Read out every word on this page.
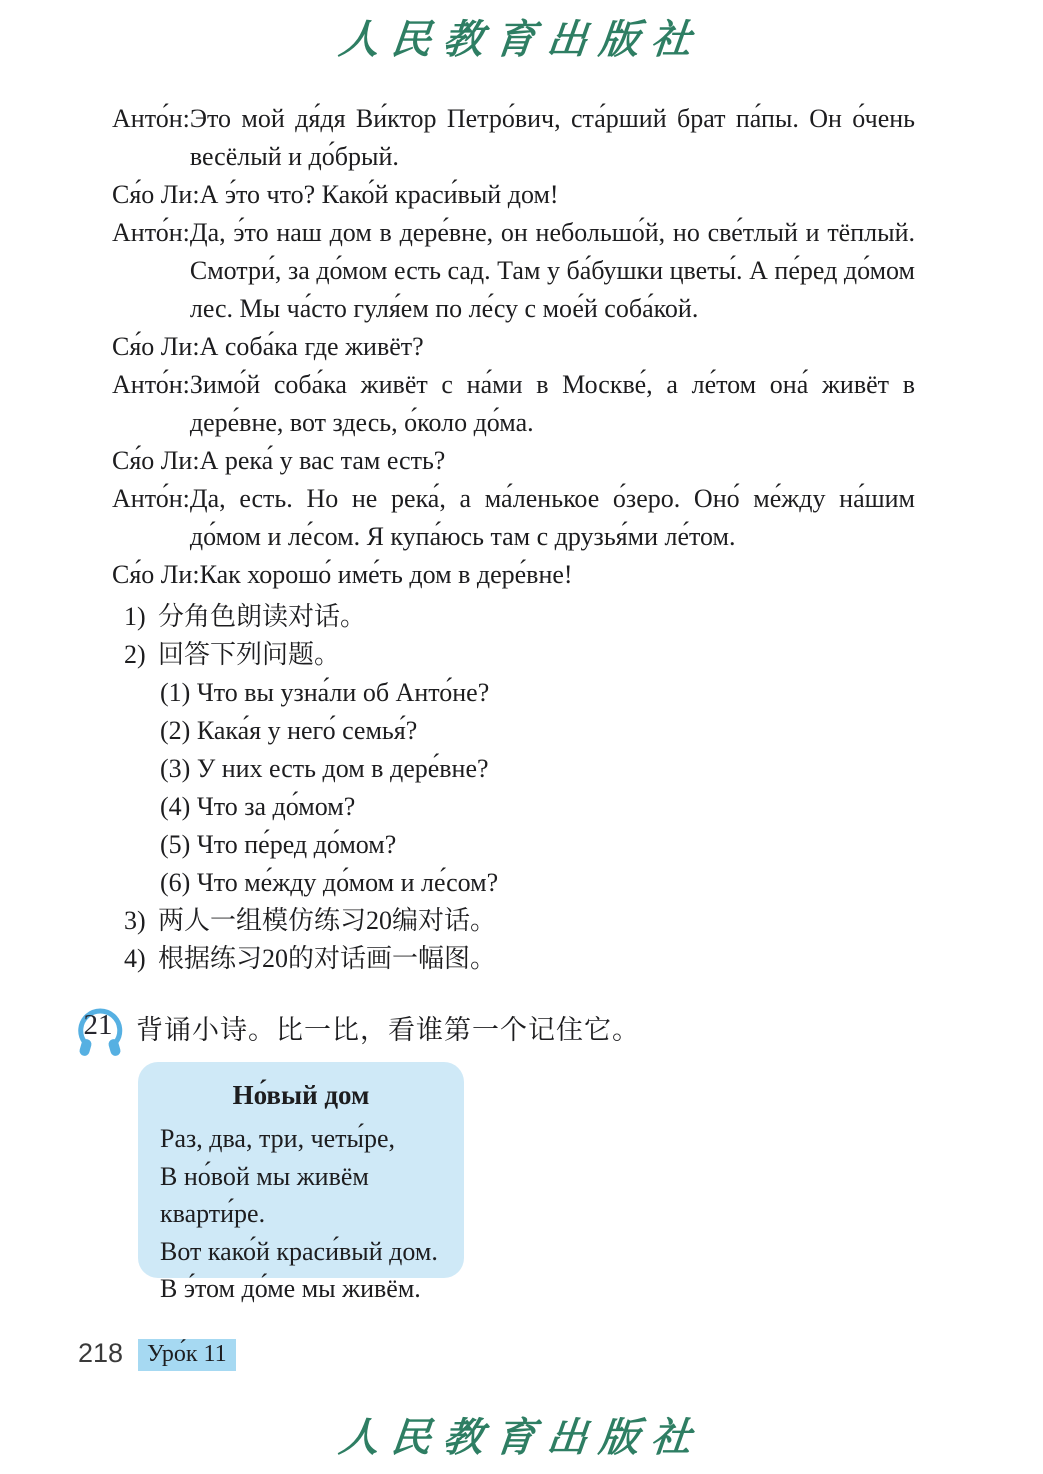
人民教育出版社
Анто́н: Это мой дя́дя Ви́ктор Петро́вич, ста́рший брат па́пы. Он о́чень весёлый и до́брый.
Ся́о Ли: А э́то что? Како́й краси́вый дом!
Анто́н: Да, э́то наш дом в дере́вне, он небольшо́й, но све́тлый и тёплый. Смотри́, за до́мом есть сад. Там у ба́бушки цветы́. А пе́ред до́мом лес. Мы ча́сто гуля́ем по ле́су с мое́й соба́кой.
Ся́о Ли: А соба́ка где живёт?
Анто́н: Зимо́й соба́ка живёт с на́ми в Москве́, а ле́том она́ живёт в дере́вне, вот здесь, о́коло до́ма.
Ся́о Ли: А река́ у вас там есть?
Анто́н: Да, есть. Но не река́, а ма́ленькое о́зеро. Оно́ ме́жду на́шим до́мом и ле́сом. Я купа́юсь там с друзья́ми ле́том.
Ся́о Ли: Как хорошо́ име́ть дом в дере́вне!
1) 分角色朗读对话。
2) 回答下列问题。
(1) Что вы узна́ли об Анто́не?
(2) Кака́я у него́ семья́?
(3) У них есть дом в дере́вне?
(4) Что за до́мом?
(5) Что пе́ред до́мом?
(6) Что ме́жду до́мом и ле́сом?
3) 两人一组模仿练习20编对话。
4) 根据练习20的对话画一幅图。
21 背诵小诗。比一比，看谁第一个记住它。
Но́вый дом
Раз, два, три, четы́ре,
В но́вой мы живём кварти́ре.
Вот како́й краси́вый дом.
В э́том до́ме мы живём.
218 Уро́к 11
人民教育出版社
